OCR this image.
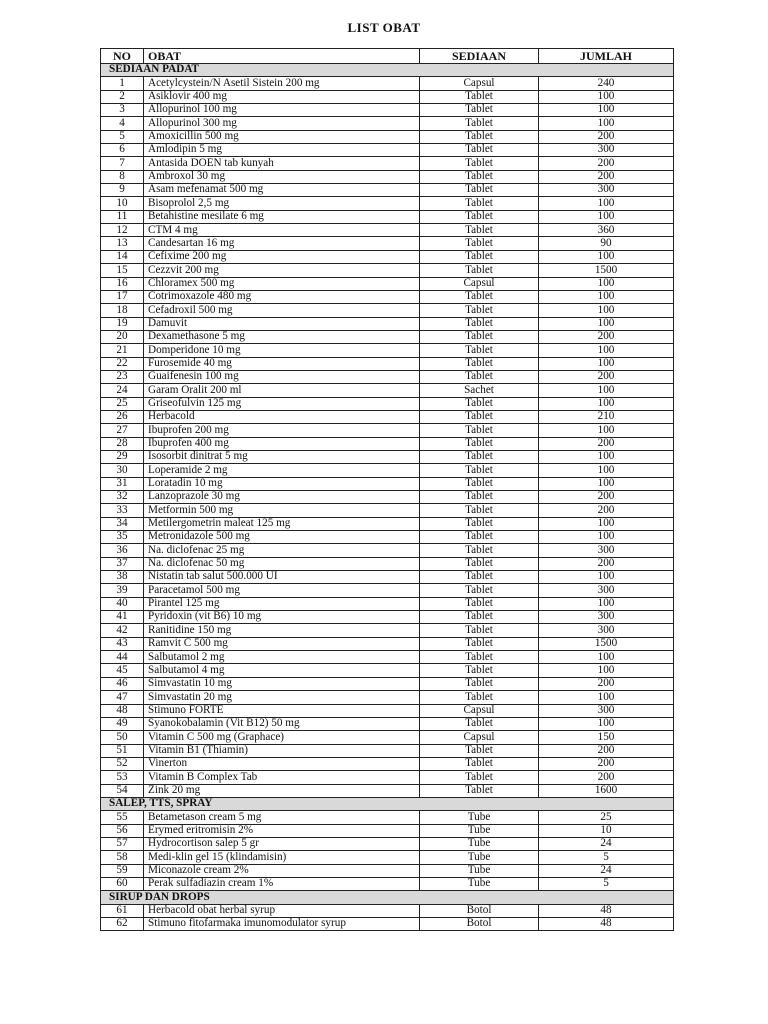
LIST OBAT
NO	OBAT	SEDIAAN	JUMLAH
SEDIAAN PADAT			
1	Acetylcystein/N Asetil Sistein 200 mg	Capsul	240
2	Asiklovir 400 mg	Tablet	100
3	Allopurinol 100 mg	Tablet	100
4	Allopurinol 300 mg	Tablet	100
5	Amoxicillin 500 mg	Tablet	200
6	Amlodipin 5 mg	Tablet	300
7	Antasida DOEN tab kunyah	Tablet	200
8	Ambroxol 30 mg	Tablet	200
9	Asam mefenamat 500 mg	Tablet	300
10	Bisoprolol 2,5 mg	Tablet	100
11	Betahistine mesilate 6 mg	Tablet	100
12	CTM 4 mg	Tablet	360
13	Candesartan 16 mg	Tablet	90
14	Cefixime 200 mg	Tablet	100
15	Cezzvit 200 mg	Tablet	1500
16	Chloramex 500 mg	Capsul	100
17	Cotrimoxazole 480 mg	Tablet	100
18	Cefadroxil 500 mg	Tablet	100
19	Damuvit	Tablet	100
20	Dexamethasone 5 mg	Tablet	200
21	Domperidone 10 mg	Tablet	100
22	Furosemide 40 mg	Tablet	100
23	Guaifenesin 100 mg	Tablet	200
24	Garam Oralit 200 ml	Sachet	100
25	Griseofulvin 125 mg	Tablet	100
26	Herbacold	Tablet	210
27	Ibuprofen 200 mg	Tablet	100
28	Ibuprofen 400 mg	Tablet	200
29	Isosorbit dinitrat 5 mg	Tablet	100
30	Loperamide 2 mg	Tablet	100
31	Loratadin 10 mg	Tablet	100
32	Lanzoprazole 30 mg	Tablet	200
33	Metformin 500 mg	Tablet	200
34	Metilergometrin maleat 125 mg	Tablet	100
35	Metronidazole 500 mg	Tablet	100
36	Na. diclofenac 25 mg	Tablet	300
37	Na. diclofenac 50 mg	Tablet	200
38	Nistatin tab salut 500.000 UI	Tablet	100
39	Paracetamol 500 mg	Tablet	300
40	Pirantel 125 mg	Tablet	100
41	Pyridoxin (vit B6) 10 mg	Tablet	300
42	Ranitidine 150 mg	Tablet	300
43	Ramvit C 500 mg	Tablet	1500
44	Salbutamol 2 mg	Tablet	100
45	Salbutamol 4 mg	Tablet	100
46	Simvastatin 10 mg	Tablet	200
47	Simvastatin 20 mg	Tablet	100
48	Stimuno FORTE	Capsul	300
49	Syanokobalamin (Vit B12) 50 mg	Tablet	100
50	Vitamin C 500 mg (Graphace)	Capsul	150
51	Vitamin B1 (Thiamin)	Tablet	200
52	Vinerton	Tablet	200
53	Vitamin B Complex Tab	Tablet	200
54	Zink 20 mg	Tablet	1600
SALEP, TTS, SPRAY			
55	Betametason cream 5 mg	Tube	25
56	Erymed eritromisin 2%	Tube	10
57	Hydrocortison salep 5 gr	Tube	24
58	Medi-klin gel 15 (klindamisin)	Tube	5
59	Miconazole cream 2%	Tube	24
60	Perak sulfadiazin cream 1%	Tube	5
SIRUP DAN DROPS			
61	Herbacold obat herbal syrup	Botol	48
62	Stimuno fitofarmaka imunomodulator syrup	Botol	48
